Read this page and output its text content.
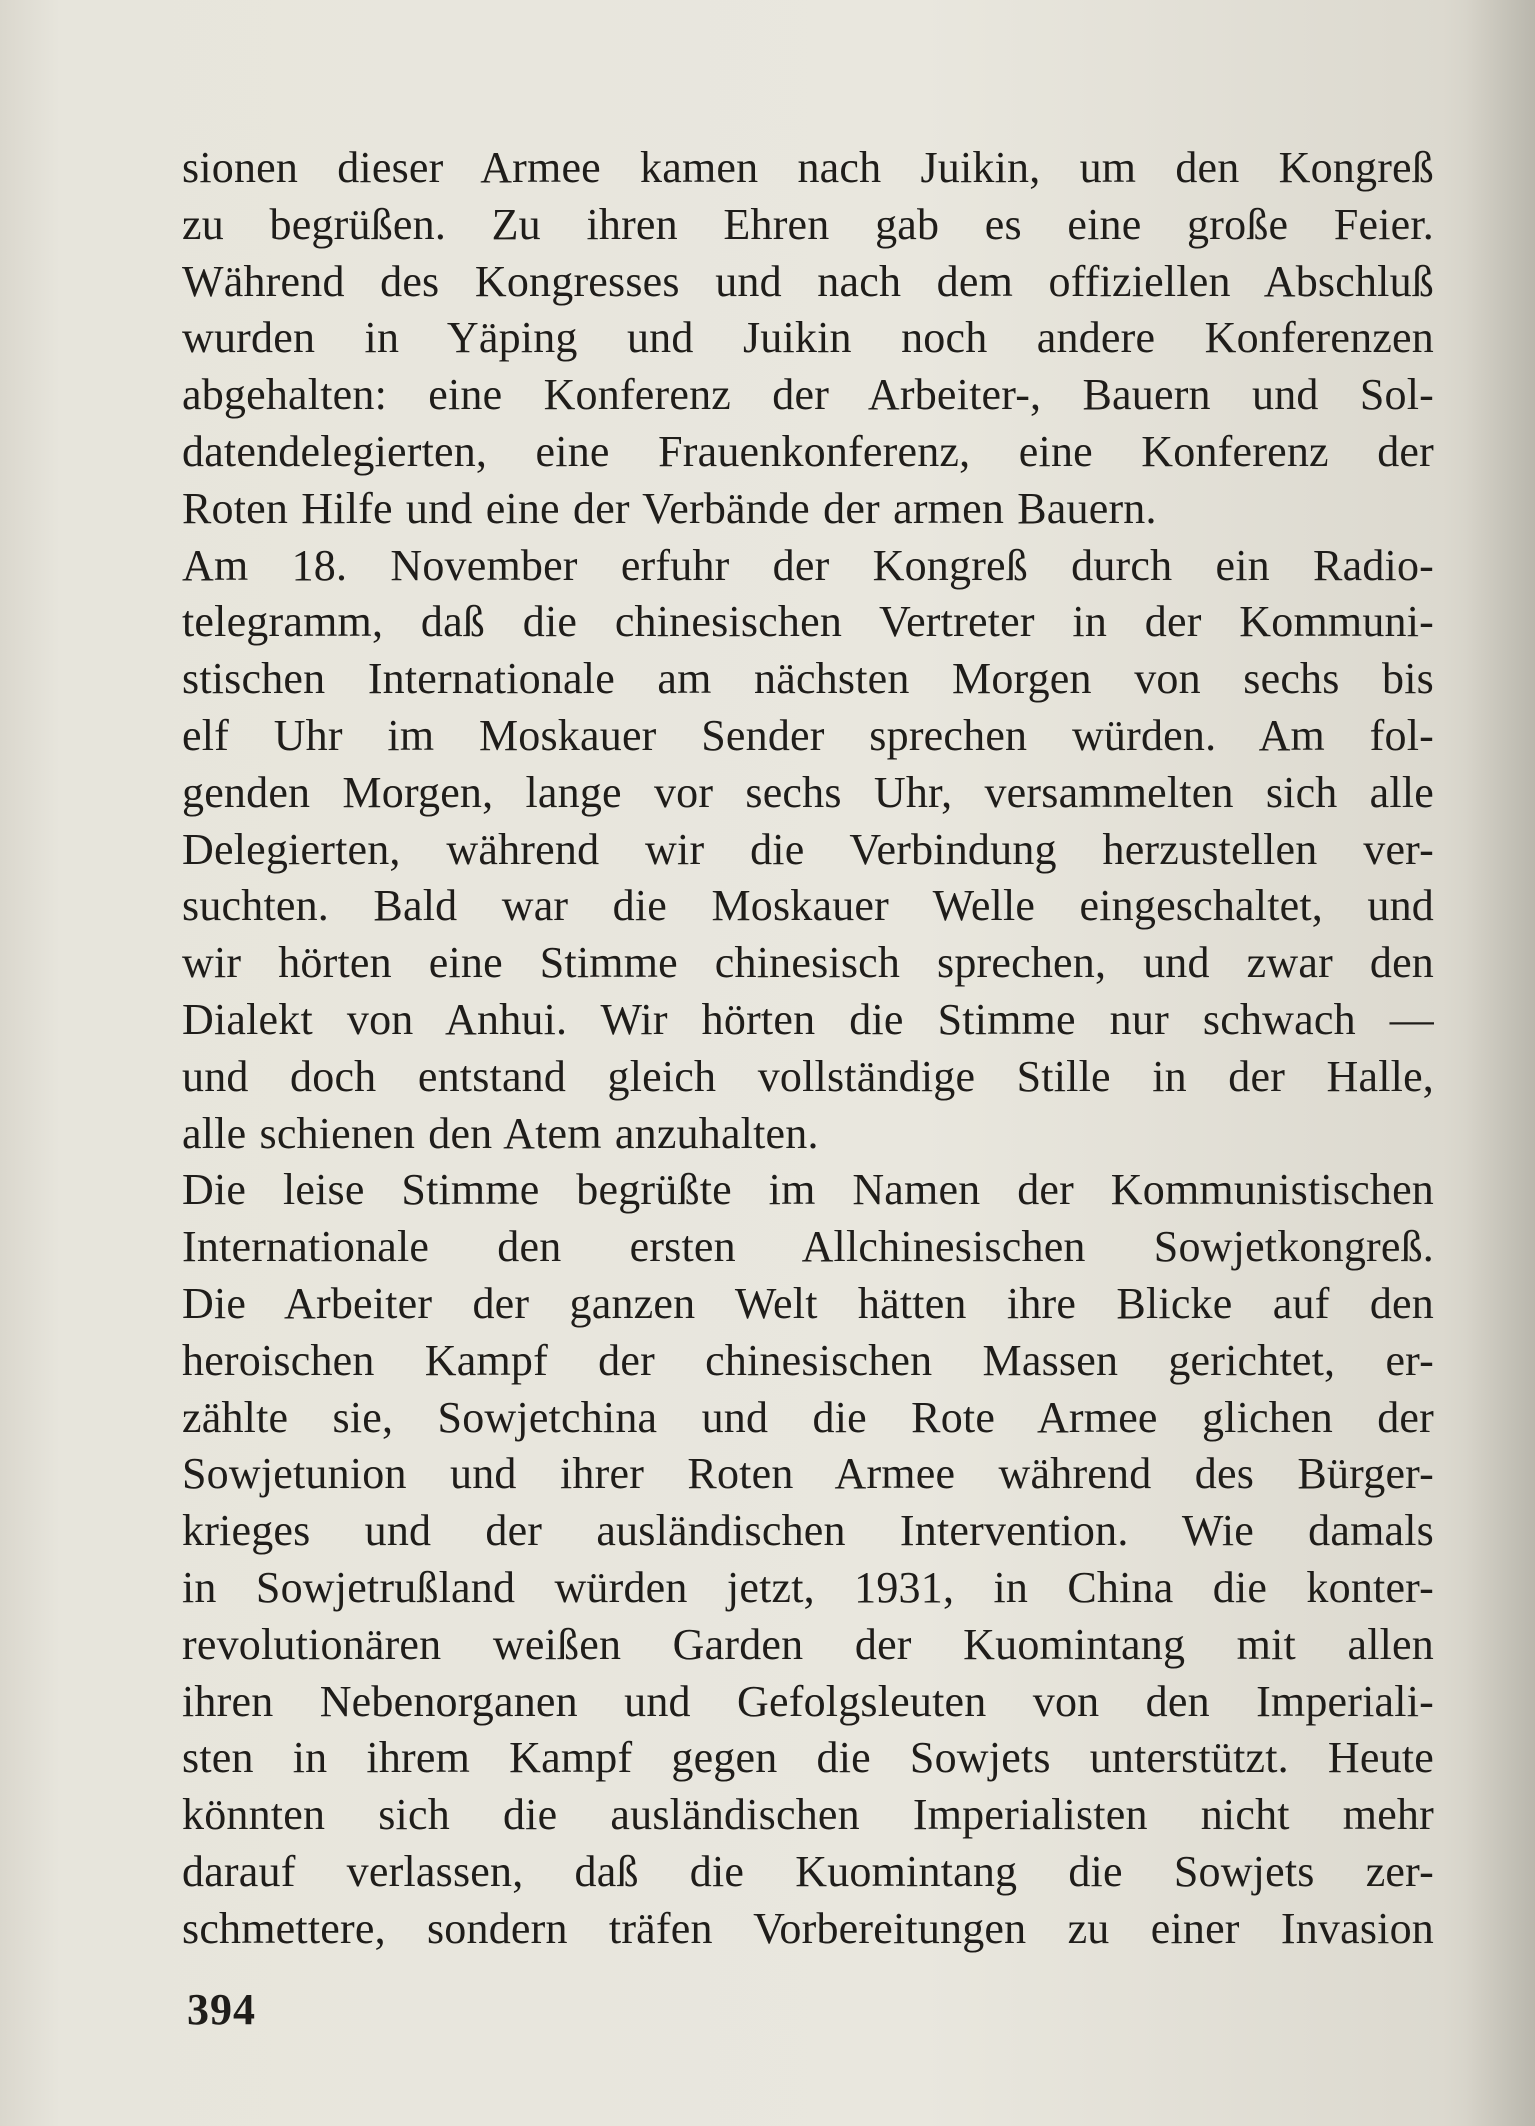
sionen dieser Armee kamen nach Juikin, um den Kongreß
zu begrüßen. Zu ihren Ehren gab es eine große Feier.
Während des Kongresses und nach dem offiziellen Abschluß
wurden in Yäping und Juikin noch andere Konferenzen
abgehalten: eine Konferenz der Arbeiter-, Bauern und Sol-
datendelegierten, eine Frauenkonferenz, eine Konferenz der
Roten Hilfe und eine der Verbände der armen Bauern.
Am 18. November erfuhr der Kongreß durch ein Radio-
telegramm, daß die chinesischen Vertreter in der Kommuni-
stischen Internationale am nächsten Morgen von sechs bis
elf Uhr im Moskauer Sender sprechen würden. Am fol-
genden Morgen, lange vor sechs Uhr, versammelten sich alle
Delegierten, während wir die Verbindung herzustellen ver-
suchten. Bald war die Moskauer Welle eingeschaltet, und
wir hörten eine Stimme chinesisch sprechen, und zwar den
Dialekt von Anhui. Wir hörten die Stimme nur schwach —
und doch entstand gleich vollständige Stille in der Halle,
alle schienen den Atem anzuhalten.
Die leise Stimme begrüßte im Namen der Kommunistischen
Internationale den ersten Allchinesischen Sowjetkongreß.
Die Arbeiter der ganzen Welt hätten ihre Blicke auf den
heroischen Kampf der chinesischen Massen gerichtet, er-
zählte sie, Sowjetchina und die Rote Armee glichen der
Sowjetunion und ihrer Roten Armee während des Bürger-
krieges und der ausländischen Intervention. Wie damals
in Sowjetrußland würden jetzt, 1931, in China die konter-
revolutionären weißen Garden der Kuomintang mit allen
ihren Nebenorganen und Gefolgsleuten von den Imperiali-
sten in ihrem Kampf gegen die Sowjets unterstützt. Heute
könnten sich die ausländischen Imperialisten nicht mehr
darauf verlassen, daß die Kuomintang die Sowjets zer-
schmettere, sondern träfen Vorbereitungen zu einer Invasion
394
